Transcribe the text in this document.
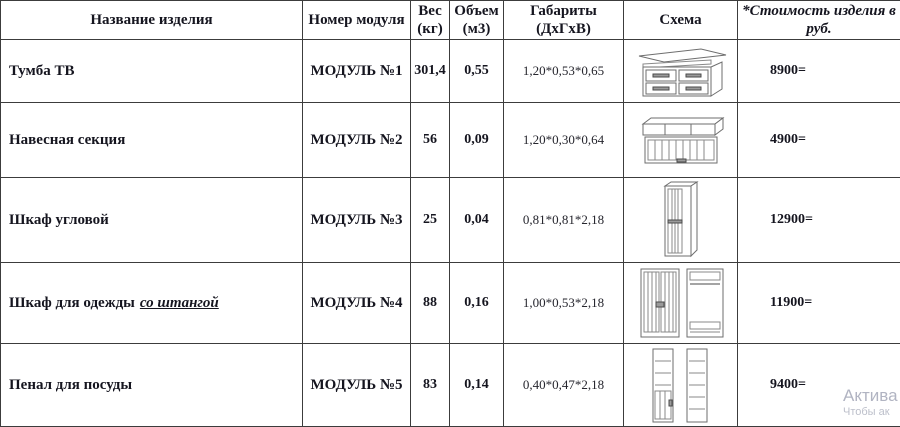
Название изделия	Номер модуля	Вес (кг)	Объем (м3)	Габариты (ДхГхВ)	Схема	*Стоимость изделия в руб.
Тумба ТВ	МОДУЛЬ №1	301,4	0,55	1,20*0,53*0,65		8900=
Навесная секция	МОДУЛЬ №2	56	0,09	1,20*0,30*0,64		4900=
Шкаф угловой	МОДУЛЬ №3	25	0,04	0,81*0,81*2,18		12900=
Шкаф для одежды со штангой	МОДУЛЬ №4	88	0,16	1,00*0,53*2,18		11900=
Пенал для посуды	МОДУЛЬ №5	83	0,14	0,40*0,47*2,18		9400=
Актива
Чтобы ак
